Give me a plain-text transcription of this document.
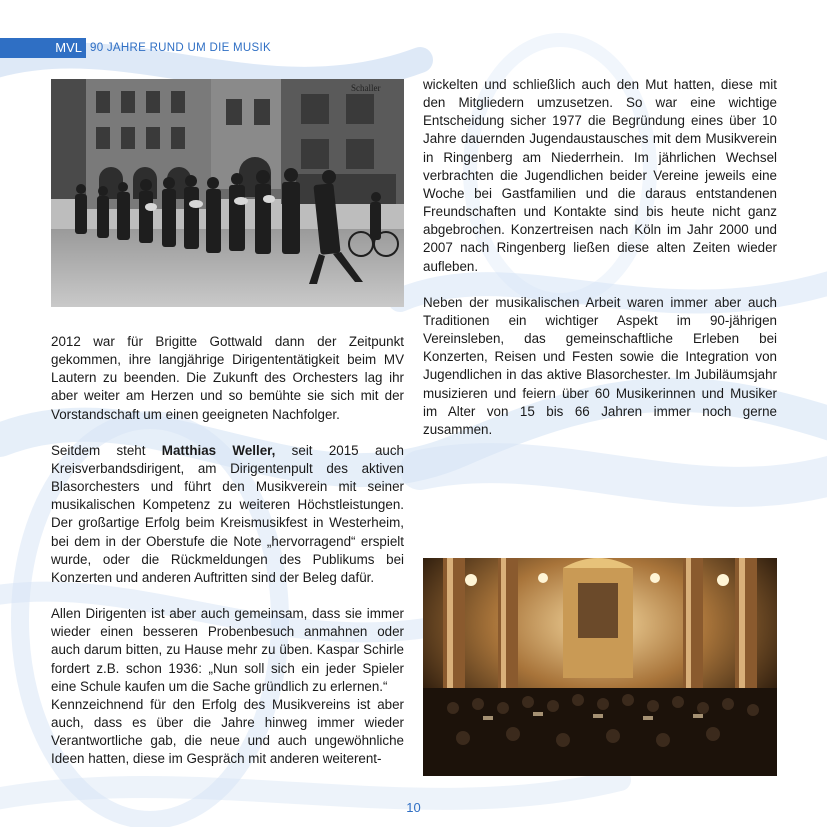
MVL 90 JAHRE RUND UM DIE MUSIK
Schaller

2012 war für Brigitte Gottwald dann der Zeitpunkt gekommen, ihre langjährige Dirigententätigkeit beim MV Lautern zu beenden. Die Zukunft des Orchesters lag ihr aber weiter am Herzen und so bemühte sie sich mit der Vorstandschaft um einen geeigneten Nachfolger.

Seitdem steht Matthias Weller, seit 2015 auch Kreisverbandsdirigent, am Dirigentenpult des aktiven Blasorchesters und führt den Musikverein mit seiner musikalischen Kompetenz zu weiteren Höchstleistungen. Der großartige Erfolg beim Kreismusikfest in Westerheim, bei dem in der Oberstufe die Note „hervorragend“ erspielt wurde, oder die Rückmeldungen des Publikums bei Konzerten und anderen Auftritten sind der Beleg dafür.

Allen Dirigenten ist aber auch gemeinsam, dass sie immer wieder einen besseren Probenbesuch anmahnen oder auch darum bitten, zu Hause mehr zu üben. Kaspar Schirle fordert z.B. schon 1936: „Nun soll sich ein jeder Spieler eine Schule kaufen um die Sache gründlich zu erlernen.“

Kennzeichnend für den Erfolg des Musikvereins ist aber auch, dass es über die Jahre hinweg immer wieder Verantwortliche gab, die neue und auch ungewöhnliche Ideen hatten, diese im Gespräch mit anderen weiterent-

wickelten und schließlich auch den Mut hatten, diese mit den Mitgliedern umzusetzen. So war eine wichtige Entscheidung sicher 1977 die Begründung eines über 10 Jahre dauernden Jugendaustausches mit dem Musikverein in Ringenberg am Niederrhein. Im jährlichen Wechsel verbrachten die Jugendlichen beider Vereine jeweils eine Woche bei Gastfamilien und die daraus entstandenen Freundschaften und Kontakte sind bis heute nicht ganz abgebrochen. Konzertreisen nach Köln im Jahr 2000 und 2007 nach Ringenberg ließen diese alten Zeiten wieder aufleben.

Neben der musikalischen Arbeit waren immer aber auch Traditionen ein wichtiger Aspekt im 90-jährigen Vereinsleben, das gemeinschaftliche Erleben bei Konzerten, Reisen und Festen sowie die Integration von Jugendlichen in das aktive Blasorchester. Im Jubiläumsjahr musizieren und feiern über 60 Musikerinnen und Musiker im Alter von 15 bis 66 Jahren immer noch gerne zusammen.

10
